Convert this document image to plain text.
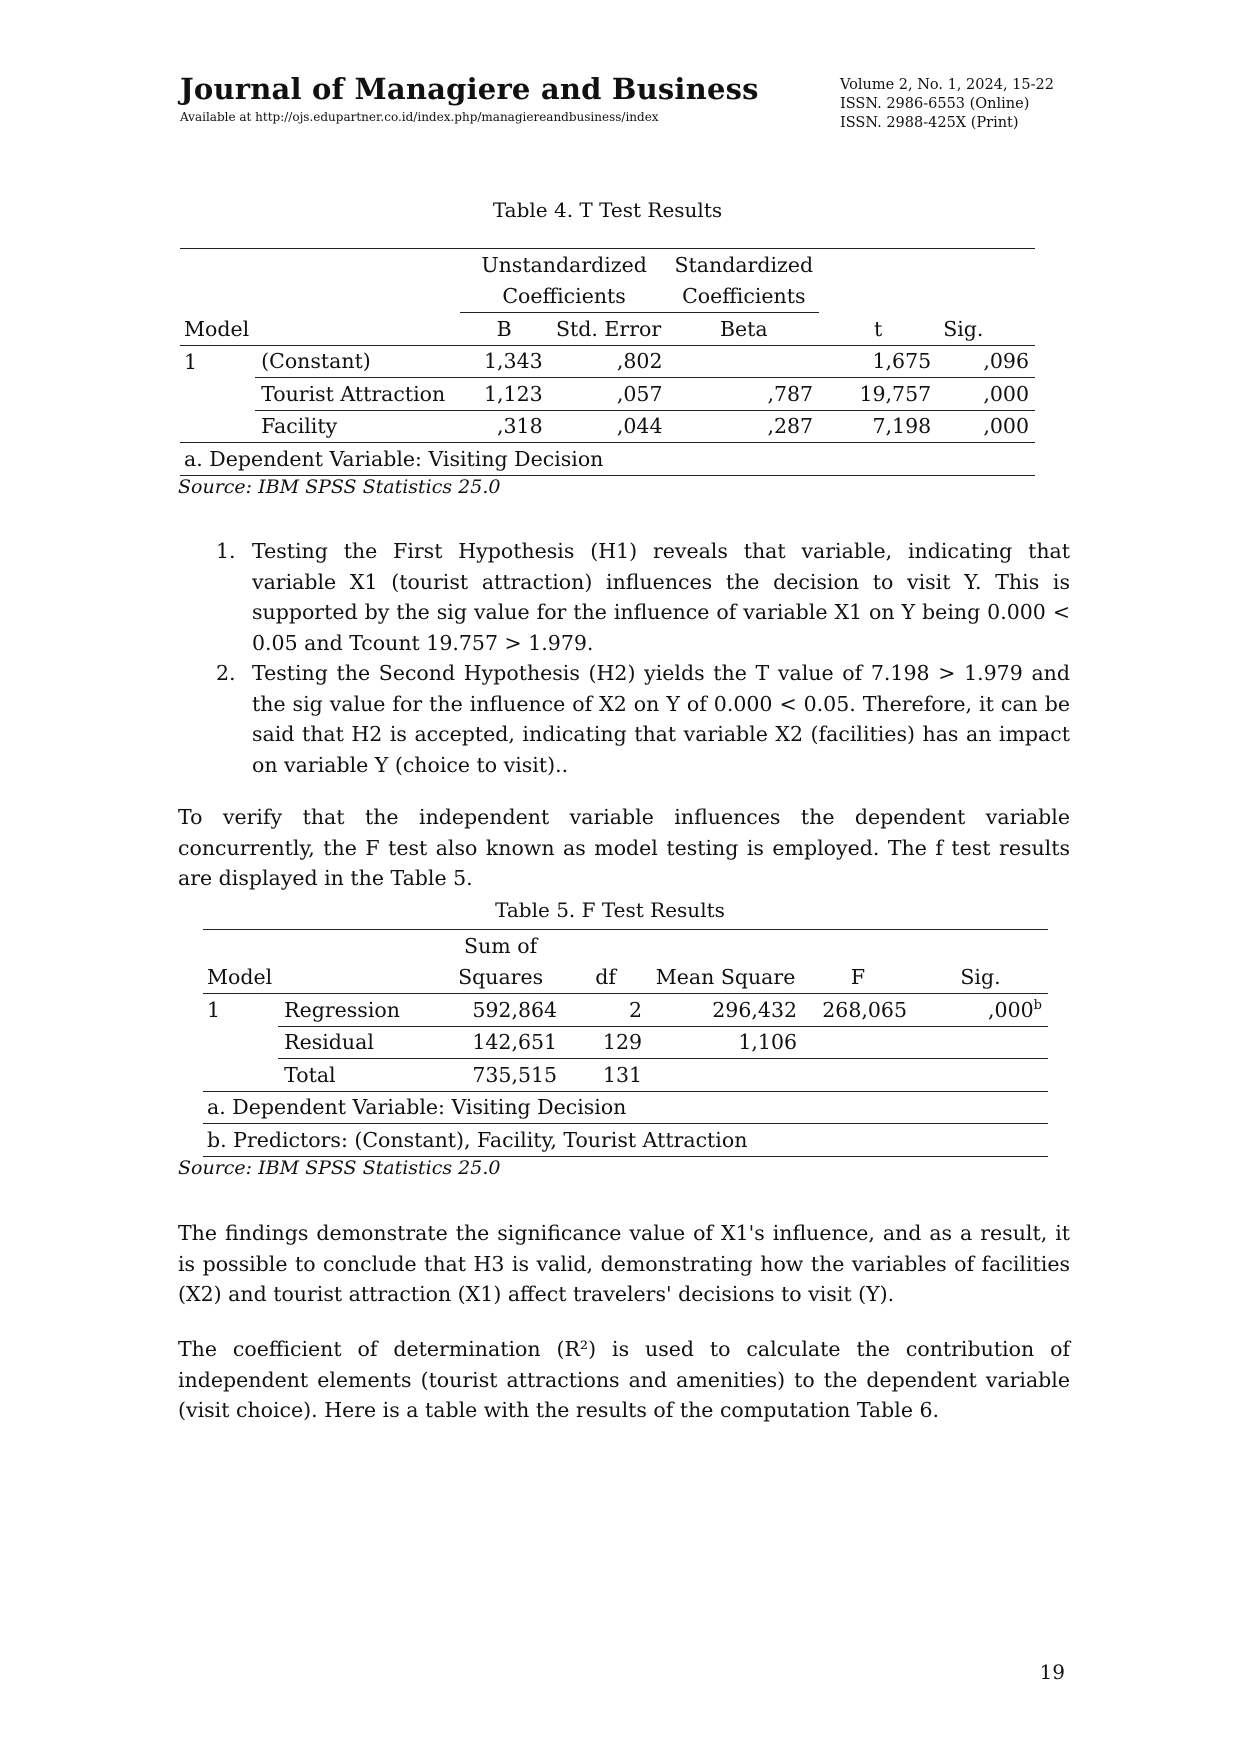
Journal of Managiere and Business
Available at http://ojs.edupartner.co.id/index.php/managiereandbusiness/index
Volume 2, No. 1, 2024, 15-22
ISSN. 2986-6553 (Online)
ISSN. 2988-425X (Print)
Table 4. T Test Results
		Unstandardized		Standardized		
		Coefficients		Coefficients		
Model		B	Std. Error	Beta	t	Sig.
1	(Constant)	1,343	,802		1,675	,096
	Tourist Attraction	1,123	,057	,787	19,757	,000
	Facility	,318	,044	,287	7,198	,000
a. Dependent Variable: Visiting Decision						
Source: IBM SPSS Statistics 25.0
1. Testing the First Hypothesis (H1) reveals that variable, indicating that variable X1 (tourist attraction) influences the decision to visit Y. This is supported by the sig value for the influence of variable X1 on Y being 0.000 < 0.05 and Tcount 19.757 > 1.979.
2. Testing the Second Hypothesis (H2) yields the T value of 7.198 > 1.979 and the sig value for the influence of X2 on Y of 0.000 < 0.05. Therefore, it can be said that H2 is accepted, indicating that variable X2 (facilities) has an impact on variable Y (choice to visit)..

To verify that the independent variable influences the dependent variable concurrently, the F test also known as model testing is employed. The f test results are displayed in the Table 5.

Table 5. F Test Results
		Sum of				
Model		Squares	df	Mean Square	F	Sig.
1	Regression	592,864	2	296,432	268,065	,000$^b$
	Residual	142,651	129	1,106		
	Total	735,515	131			
a. Dependent Variable: Visiting Decision						
b. Predictors: (Constant), Facility, Tourist Attraction						
Source: IBM SPSS Statistics 25.0

The findings demonstrate the significance value of X1's influence, and as a result, it is possible to conclude that H3 is valid, demonstrating how the variables of facilities (X2) and tourist attraction (X1) affect travelers' decisions to visit (Y).

The coefficient of determination (R²) is used to calculate the contribution of independent elements (tourist attractions and amenities) to the dependent variable (visit choice). Here is a table with the results of the computation Table 6.

19
